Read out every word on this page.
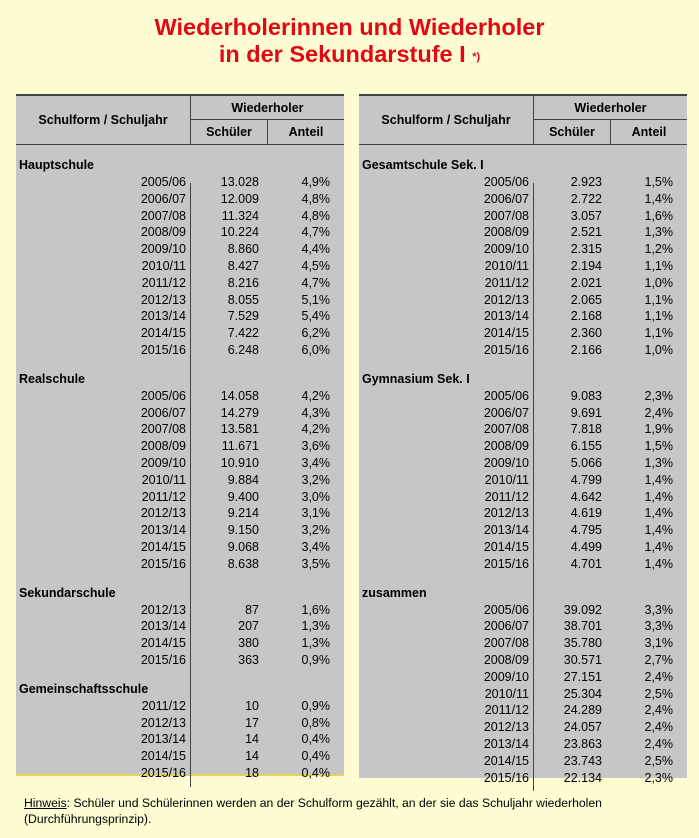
Wiederholerinnen und Wiederholer
in der Sekundarstufe I *)
Schulform / Schuljahr
Wiederholer
Schüler	Anteil
Hauptschule
2005/06	13.028	4,9%
2006/07	12.009	4,8%
2007/08	11.324	4,8%
2008/09	10.224	4,7%
2009/10	8.860	4,4%
2010/11	8.427	4,5%
2011/12	8.216	4,7%
2012/13	8.055	5,1%
2013/14	7.529	5,4%
2014/15	7.422	6,2%
2015/16	6.248	6,0%
Realschule
2005/06	14.058	4,2%
2006/07	14.279	4,3%
2007/08	13.581	4,2%
2008/09	11.671	3,6%
2009/10	10.910	3,4%
2010/11	9.884	3,2%
2011/12	9.400	3,0%
2012/13	9.214	3,1%
2013/14	9.150	3,2%
2014/15	9.068	3,4%
2015/16	8.638	3,5%
Sekundarschule
2012/13	87	1,6%
2013/14	207	1,3%
2014/15	380	1,3%
2015/16	363	0,9%
Gemeinschaftsschule
2011/12	10	0,9%
2012/13	17	0,8%
2013/14	14	0,4%
2014/15	14	0,4%
2015/16	18	0,4%
Schulform / Schuljahr
Wiederholer
Schüler	Anteil
Gesamtschule Sek. I
2005/06	2.923	1,5%
2006/07	2.722	1,4%
2007/08	3.057	1,6%
2008/09	2.521	1,3%
2009/10	2.315	1,2%
2010/11	2.194	1,1%
2011/12	2.021	1,0%
2012/13	2.065	1,1%
2013/14	2.168	1,1%
2014/15	2.360	1,1%
2015/16	2.166	1,0%
Gymnasium Sek. I
2005/06	9.083	2,3%
2006/07	9.691	2,4%
2007/08	7.818	1,9%
2008/09	6.155	1,5%
2009/10	5.066	1,3%
2010/11	4.799	1,4%
2011/12	4.642	1,4%
2012/13	4.619	1,4%
2013/14	4.795	1,4%
2014/15	4.499	1,4%
2015/16	4.701	1,4%
zusammen
2005/06	39.092	3,3%
2006/07	38.701	3,3%
2007/08	35.780	3,1%
2008/09	30.571	2,7%
2009/10	27.151	2,4%
2010/11	25.304	2,5%
2011/12	24.289	2,4%
2012/13	24.057	2,4%
2013/14	23.863	2,4%
2014/15	23.743	2,5%
2015/16	22.134	2,3%
Hinweis: Schüler und Schülerinnen werden an der Schulform gezählt, an der sie das Schuljahr wiederholen (Durchführungsprinzip).
